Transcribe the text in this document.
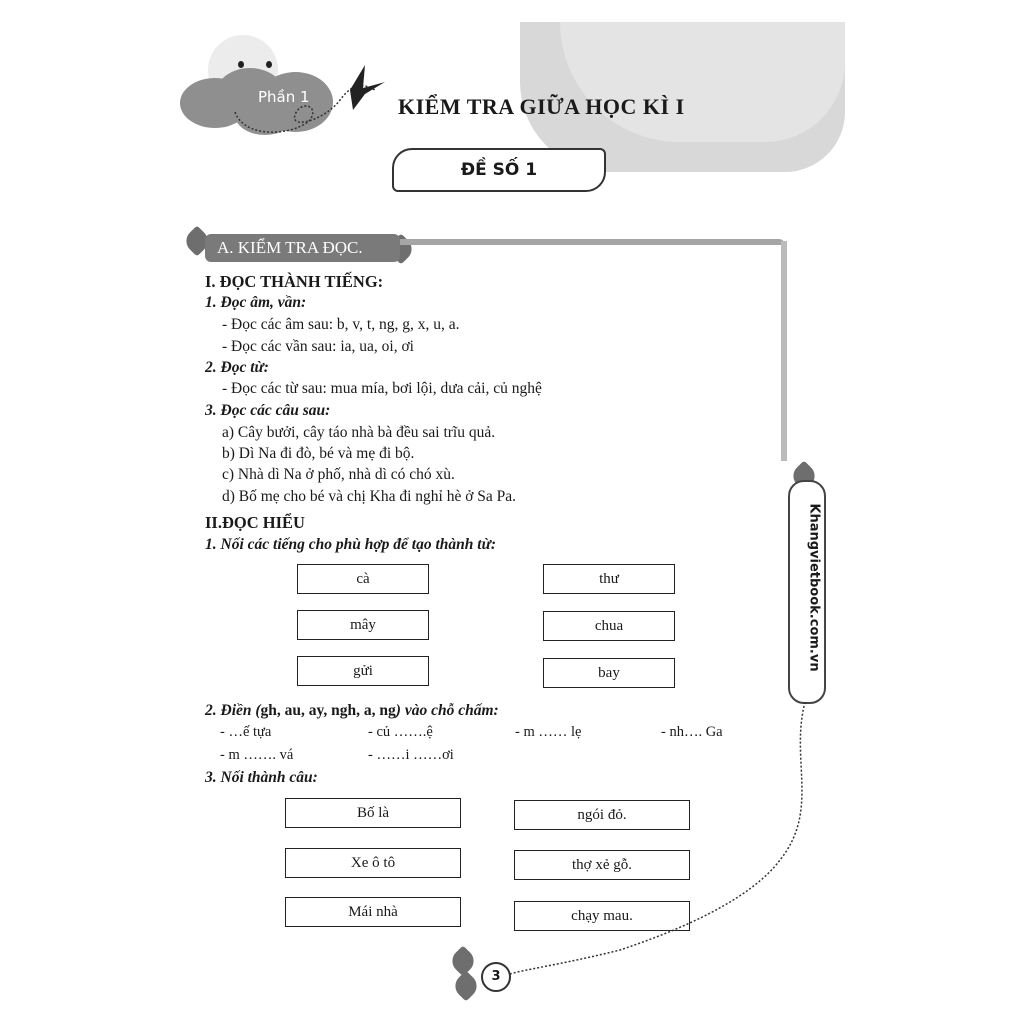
Phần 1	KIỂM TRA GIỮA HỌC KÌ I
ĐỀ SỐ 1
A. KIỂM TRA ĐỌC.
I. ĐỌC THÀNH TIẾNG:
1. Đọc âm, vần:
- Đọc các âm sau: b, v, t, ng, g, x, u, a.
- Đọc các vần sau: ia, ua, oi, ơi
2. Đọc từ:
- Đọc các từ sau: mua mía, bơi lội, dưa cải, củ nghệ
3. Đọc các câu sau:
a) Cây bưởi, cây táo nhà bà đều sai trĩu quả.
b) Dì Na đi đò, bé và mẹ đi bộ.
c) Nhà dì Na ở phố, nhà dì có chó xù.
d) Bố mẹ cho bé và chị Kha đi nghỉ hè ở Sa Pa.
II.ĐỌC HIỂU
1. Nối các tiếng cho phù hợp để tạo thành từ:
cà
mây
gửi
thư
chua
bay
2. Điền (gh, au, ay, ngh, a, ng) vào chỗ chấm:
- …ế tựa	- củ …….ệ	- m …… lẹ	- nh…. Ga
- m ……. vá	- ……i ……ơi
3. Nối thành câu:
Bố là
Xe ô tô
Mái nhà
ngói đỏ.
thợ xẻ gỗ.
chạy mau.
Khangvietbook.com.vn
3
